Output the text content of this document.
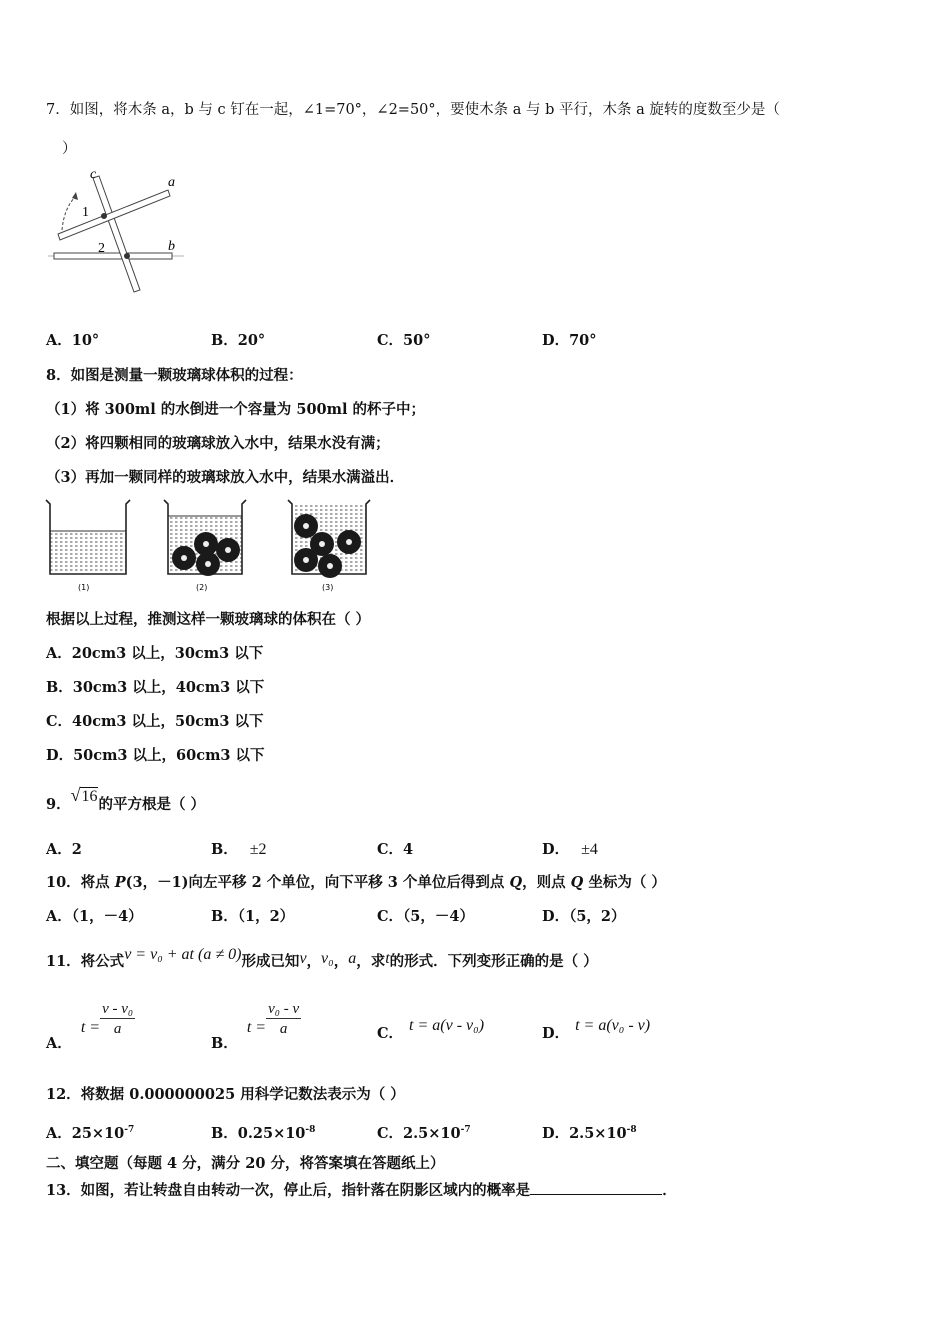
7．如图，将木条 a，b 与 c 钉在一起，∠1=70°，∠2=50°，要使木条 a 与 b 平行，木条 a 旋转的度数至少是（
）
c
a
1
2	b
A．10°	B．20°	C．50°	D．70°
8．如图是测量一颗玻璃球体积的过程：
（1）将 300ml 的水倒进一个容量为 500ml 的杯子中；
（2）将四颗相同的玻璃球放入水中，结果水没有满；
（3）再加一颗同样的玻璃球放入水中，结果水满溢出．
(1)	(2)	(3)
根据以上过程，推测这样一颗玻璃球的体积在（ ）
A．20cm3 以上，30cm3 以下
B．30cm3 以上，40cm3 以下
C．40cm3 以上，50cm3 以下
D．50cm3 以上，60cm3 以下
9．√16的平方根是（ ）
A．2	B． ±2	C．4	D． ±4
10．将点 P(3，－1)向左平移 2 个单位，向下平移 3 个单位后得到点 Q，则点 Q 坐标为（ ）
A．（1，－4）	B．（1，2）	C．（5，－4）	D．（5，2）
11．将公式v = v₀ + at (a ≠ 0)形成已知v，v₀，a，求t的形式．下列变形正确的是（ ）
A． $t = \frac{\text{v - v₀}}{a}$
B． $t = \frac{\text{v₀ - v}}{a}$	C． t = a(v - v₀)	D． t = a(v₀ - v)
12．将数据 0.000000025 用科学记数法表示为（ ）
A．$25\times 10^{-7}$	B．$0.25\times 10^{-8}$	C．$2.5\times 10^{-7}$	D．$2.5\times 10^{-8}$
二、填空题（每题 4 分，满分 20 分，将答案填在答题纸上）
13．如图，若让转盘自由转动一次，停止后，指针落在阴影区域内的概率是	．
